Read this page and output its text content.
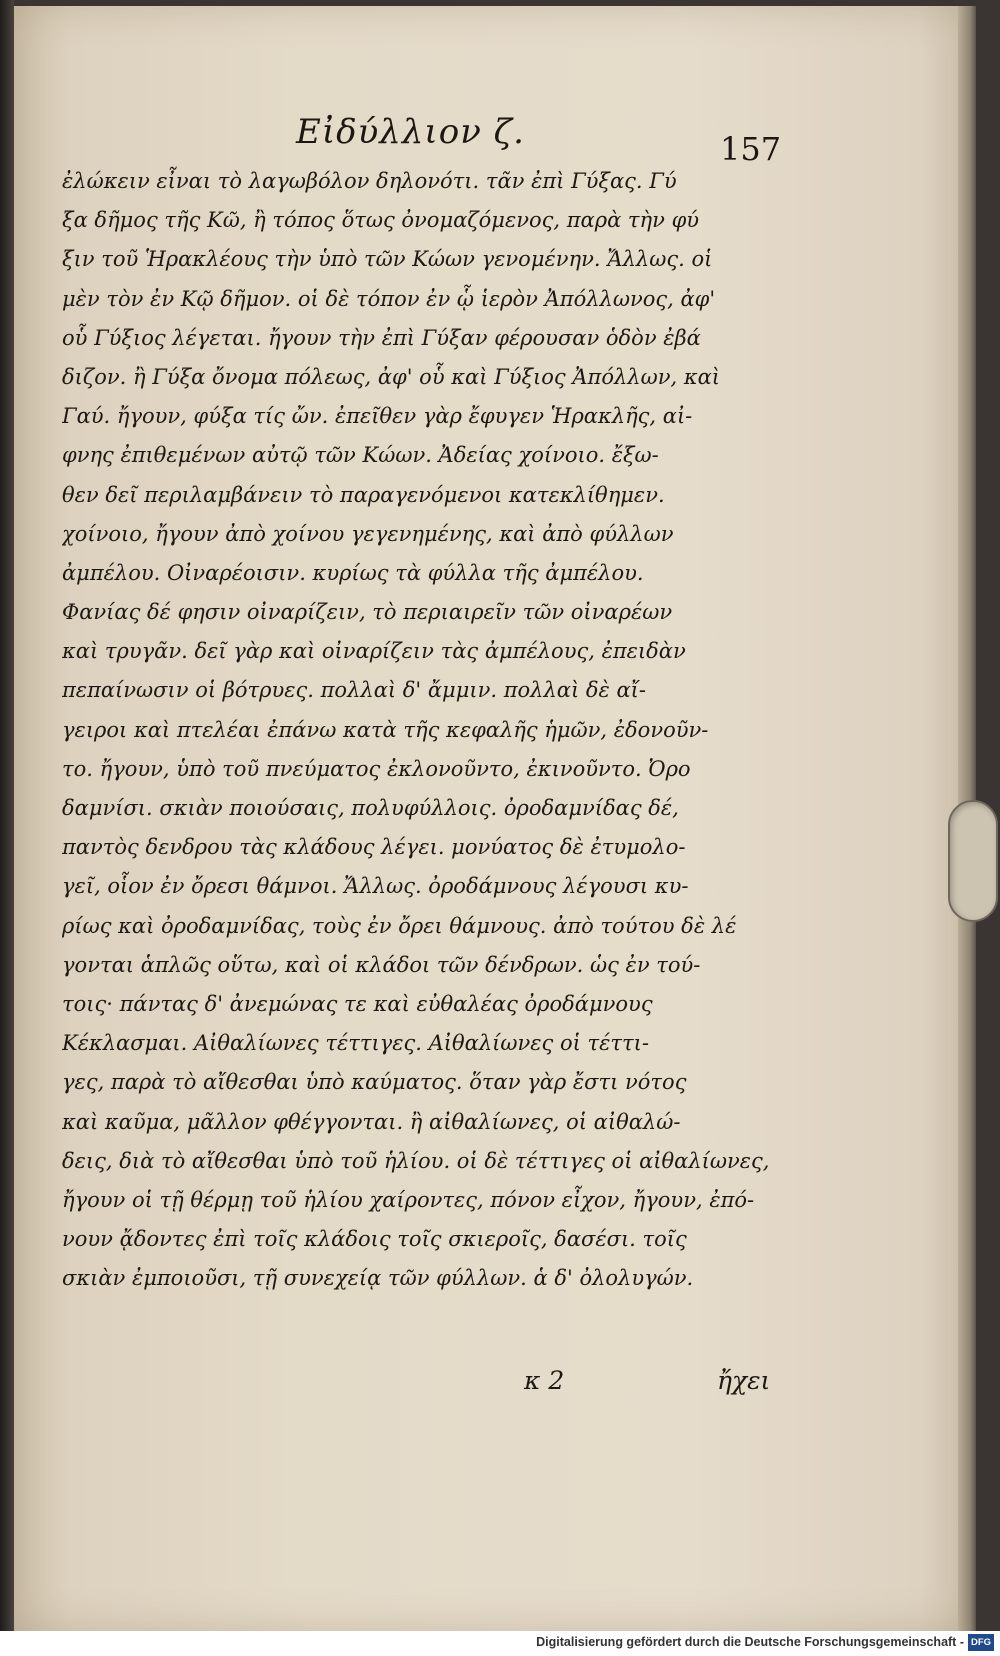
Εἰδύλλιον ζ.	157
ἐλώκειν εἶναι τὸ λαγωβόλον δηλονότι. τᾶν ἐπὶ Γύξας. Γύ
ξα δῆμος τῆς Κῶ, ἢ τόπος ὅτως ὀνομαζόμενος, παρὰ τὴν φύ
ξιν τοῦ Ἡρακλέους τὴν ὑπὸ τῶν Κώων γενομένην. Ἄλλως. οἱ
μὲν τὸν ἐν Κῷ δῆμον. οἱ δὲ τόπον ἐν ᾧ ἱερὸν Ἀπόλλωνος, ἀφ'
οὗ Γύξιος λέγεται. ἤγουν τὴν ἐπὶ Γύξαν φέρουσαν ὁδὸν ἐβά
διζον. ἢ Γύξα ὄνομα πόλεως, ἀφ' οὗ καὶ Γύξιος Ἀπόλλων, καὶ
Γαύ. ἤγουν, φύξα τίς ὤν. ἐπεῖθεν γὰρ ἔφυγεν Ἡρακλῆς, αἰ-
φνης ἐπιθεμένων αὐτῷ τῶν Κώων. Ἀδείας χοίνοιο. ἔξω-
θεν δεῖ περιλαμβάνειν τὸ παραγενόμενοι κατεκλίθημεν.
χοίνοιο, ἤγουν ἀπὸ χοίνου γεγενημένης, καὶ ἀπὸ φύλλων
ἀμπέλου. Οἰναρέοισιν. κυρίως τὰ φύλλα τῆς ἀμπέλου.
Φανίας δέ φησιν οἰναρίζειν, τὸ περιαιρεῖν τῶν οἰναρέων
καὶ τρυγᾶν. δεῖ γὰρ καὶ οἰναρίζειν τὰς ἀμπέλους, ἐπειδὰν
πεπαίνωσιν οἱ βότρυες. πολλαὶ δ' ἄμμιν. πολλαὶ δὲ αἴ-
γειροι καὶ πτελέαι ἐπάνω κατὰ τῆς κεφαλῆς ἡμῶν, ἐδονοῦν-
το. ἤγουν, ὑπὸ τοῦ πνεύματος ἐκλονοῦντο, ἐκινοῦντο. Ὀρο
δαμνίσι. σκιὰν ποιούσαις, πολυφύλλοις. ὀροδαμνίδας δέ,
παντὸς δενδρου τὰς κλάδους λέγει. μονύατος δὲ ἐτυμολο-
γεῖ, οἷον ἐν ὄρεσι θάμνοι. Ἄλλως. ὀροδάμνους λέγουσι κυ-
ρίως καὶ ὀροδαμνίδας, τοὺς ἐν ὄρει θάμνους. ἀπὸ τούτου δὲ λέ
γονται ἁπλῶς οὕτω, καὶ οἱ κλάδοι τῶν δένδρων. ὡς ἐν τού-
τοις· πάντας δ' ἀνεμώνας τε καὶ εὐθαλέας ὀροδάμνους
Κέκλασμαι. Αἰθαλίωνες τέττιγες. Αἰθαλίωνες οἱ τέττι-
γες, παρὰ τὸ αἴθεσθαι ὑπὸ καύματος. ὅταν γὰρ ἔστι νότος
καὶ καῦμα, μᾶλλον φθέγγονται. ἢ αἰθαλίωνες, οἱ αἰθαλώ-
δεις, διὰ τὸ αἴθεσθαι ὑπὸ τοῦ ἡλίου. οἱ δὲ τέττιγες οἱ αἰθαλίωνες,
ἤγουν οἱ τῇ θέρμῃ τοῦ ἡλίου χαίροντες, πόνον εἶχον, ἤγουν, ἐπό-
νουν ᾄδοντες ἐπὶ τοῖς κλάδοις τοῖς σκιεροῖς, δασέσι. τοῖς
σκιὰν ἐμποιοῦσι, τῇ συνεχείᾳ τῶν φύλλων. ἁ δ' ὀλολυγών.
κ 2	ἤχει
Digitalisierung gefördert durch die Deutsche Forschungsgemeinschaft - DFG
